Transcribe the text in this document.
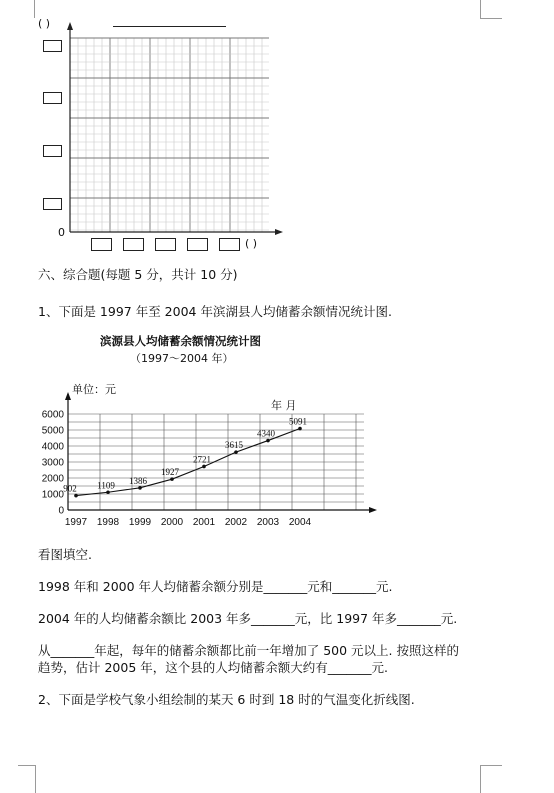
( )
0
( )
六、综合题(每题 5 分，共计 10 分)
1、下面是 1997 年至 2004 年滨湖县人均储蓄余额情况统计图.
滨源县人均储蓄余额情况统计图
（1997～2004 年）
单位：元
年 月
0
1000
2000
3000
4000
5000
6000
1997 1998 1999 2000 2001 2002 2003 2004
902 1109 1386
1927
2721
3615
4340
5091
看图填空.
1998 年和 2000 年人均储蓄余额分别是_______元和_______元.
2004 年的人均储蓄余额比 2003 年多_______元，比 1997 年多_______元.
从_______年起，每年的储蓄余额都比前一年增加了 500 元以上. 按照这样的
趋势，估计 2005 年，这个县的人均储蓄余额大约有_______元.
2、下面是学校气象小组绘制的某天 6 时到 18 时的气温变化折线图.
